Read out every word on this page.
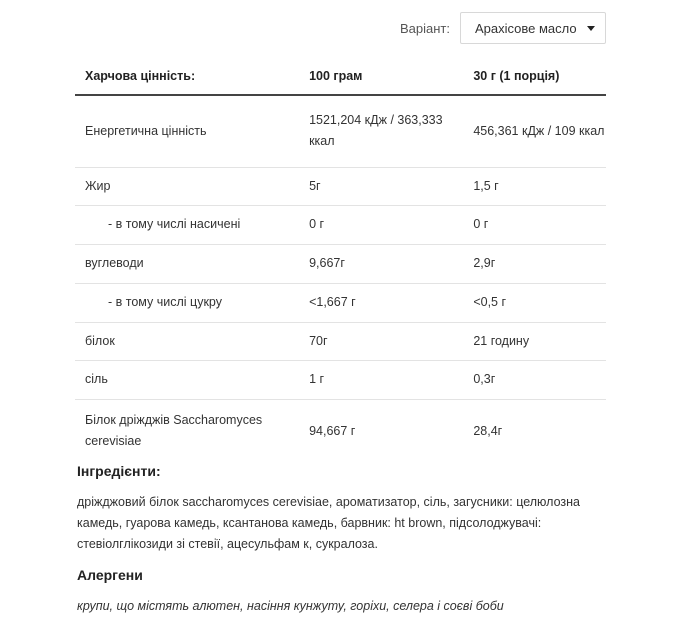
Варіант: Арахісове масло
Харчова цінність:	100 грам	30 г (1 порція)
Енергетична цінність	1521,204 кДж / 363,333 ккал	456,361 кДж / 109 ккал
Жир	5г	1,5 г
- в тому числі насичені	0 г	0 г
вуглеводи	9,667г	2,9г
- в тому числі цукру	<1,667 г	<0,5 г
білок	70г	21 годину
сіль	1 г	0,3г
Білок дріжджів Saccharomyces cerevisiae	94,667 г	28,4г
Інгредієнти:

дріжджовий білок saccharomyces cerevisiae, ароматизатор, сіль, загусники: целюлозна камедь, гуарова камедь, ксантанова камедь, барвник: ht brown, підсолоджувачі: стевіолглікозиди зі стевії, ацесульфам к, сукралоза.

Алергени

крупи, що містять алютен, насіння кунжуту, горіхи, селера і соєві боби
